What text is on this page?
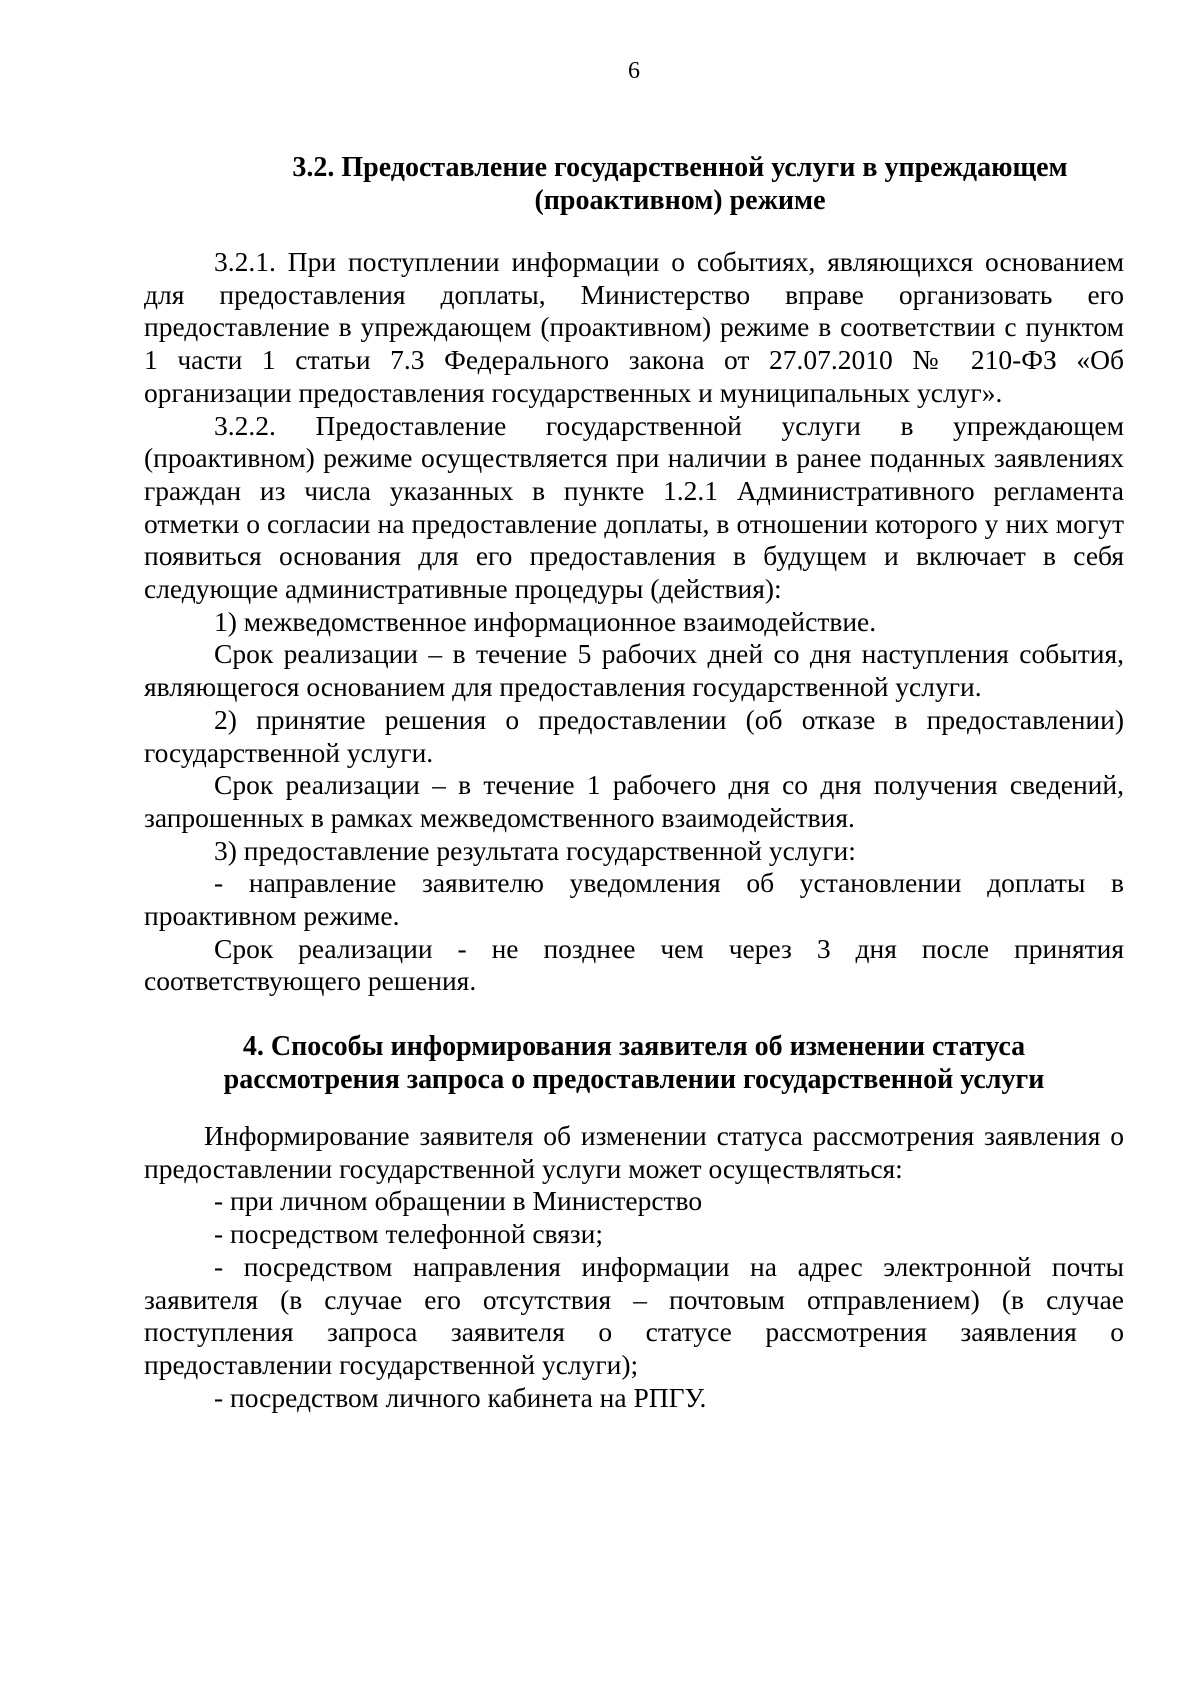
6
3.2. Предоставление государственной услуги в упреждающем
(проактивном) режиме

3.2.1. При поступлении информации о событиях, являющихся основанием для предоставления доплаты, Министерство вправе организовать его предоставление в упреждающем (проактивном) режиме в соответствии с пунктом 1 части 1 статьи 7.3 Федерального закона от 27.07.2010 № 210-ФЗ «Об организации предоставления государственных и муниципальных услуг».

3.2.2. Предоставление государственной услуги в упреждающем (проактивном) режиме осуществляется при наличии в ранее поданных заявлениях граждан из числа указанных в пункте 1.2.1 Административного регламента отметки о согласии на предоставление доплаты, в отношении которого у них могут появиться основания для его предоставления в будущем и включает в себя следующие административные процедуры (действия):

1) межведомственное информационное взаимодействие.

Срок реализации – в течение 5 рабочих дней со дня наступления события, являющегося основанием для предоставления государственной услуги.

2) принятие решения о предоставлении (об отказе в предоставлении) государственной услуги.

Срок реализации – в течение 1 рабочего дня со дня получения сведений, запрошенных в рамках межведомственного взаимодействия.

3) предоставление результата государственной услуги:

- направление заявителю уведомления об установлении доплаты в проактивном режиме.

Срок реализации - не позднее чем через 3 дня после принятия соответствующего решения.

4. Способы информирования заявителя об изменении статуса
рассмотрения запроса о предоставлении государственной услуги

Информирование заявителя об изменении статуса рассмотрения заявления о предоставлении государственной услуги может осуществляться:

- при личном обращении в Министерство

- посредством телефонной связи;

- посредством направления информации на адрес электронной почты заявителя (в случае его отсутствия – почтовым отправлением) (в случае поступления запроса заявителя о статусе рассмотрения заявления о предоставлении государственной услуги);

- посредством личного кабинета на РПГУ.
